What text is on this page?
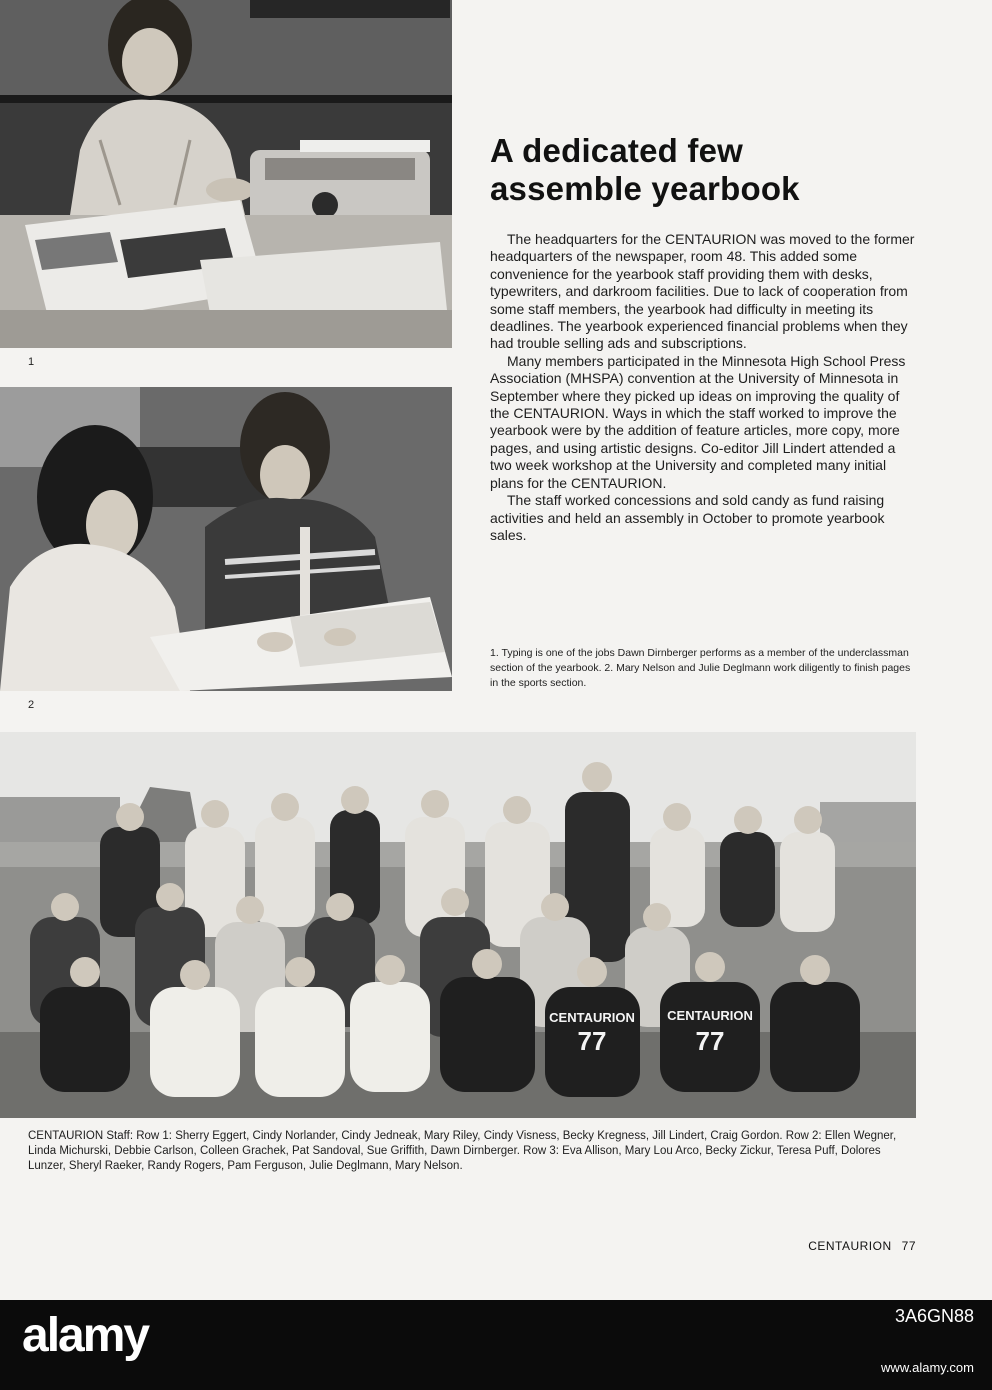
1
2
A dedicated few
assemble yearbook

The headquarters for the CENTAURION was moved to the former headquarters of the newspaper, room 48. This added some convenience for the yearbook staff providing them with desks, typewriters, and darkroom facilities. Due to lack of cooperation from some staff members, the yearbook had difficulty in meeting its deadlines. The yearbook experienced financial problems when they had trouble selling ads and subscriptions.

Many members participated in the Minnesota High School Press Association (MHSPA) convention at the University of Minnesota in September where they picked up ideas on improving the quality of the CENTAURION. Ways in which the staff worked to improve the yearbook were by the addition of feature articles, more copy, more pages, and using artistic designs. Co-editor Jill Lindert attended a two week workshop at the University and completed many initial plans for the CENTAURION.

The staff worked concessions and sold candy as fund raising activities and held an assembly in October to promote yearbook sales.

1. Typing is one of the jobs Dawn Dirnberger performs as a member of the underclassman section of the yearbook. 2. Mary Nelson and Julie Deglmann work diligently to finish pages in the sports section.

CENTAURION
77
CENTAURION
77

CENTAURION Staff: Row 1: Sherry Eggert, Cindy Norlander, Cindy Jedneak, Mary Riley, Cindy Visness, Becky Kregness, Jill Lindert, Craig Gordon. Row 2: Ellen Wegner, Linda Michurski, Debbie Carlson, Colleen Grachek, Pat Sandoval, Sue Griffith, Dawn Dirnberger. Row 3: Eva Allison, Mary Lou Arco, Becky Zickur, Teresa Puff, Dolores Lunzer, Sheryl Raeker, Randy Rogers, Pam Ferguson, Julie Deglmann, Mary Nelson.

CENTAURION 77
alamy	3A6GN88
www.alamy.com
